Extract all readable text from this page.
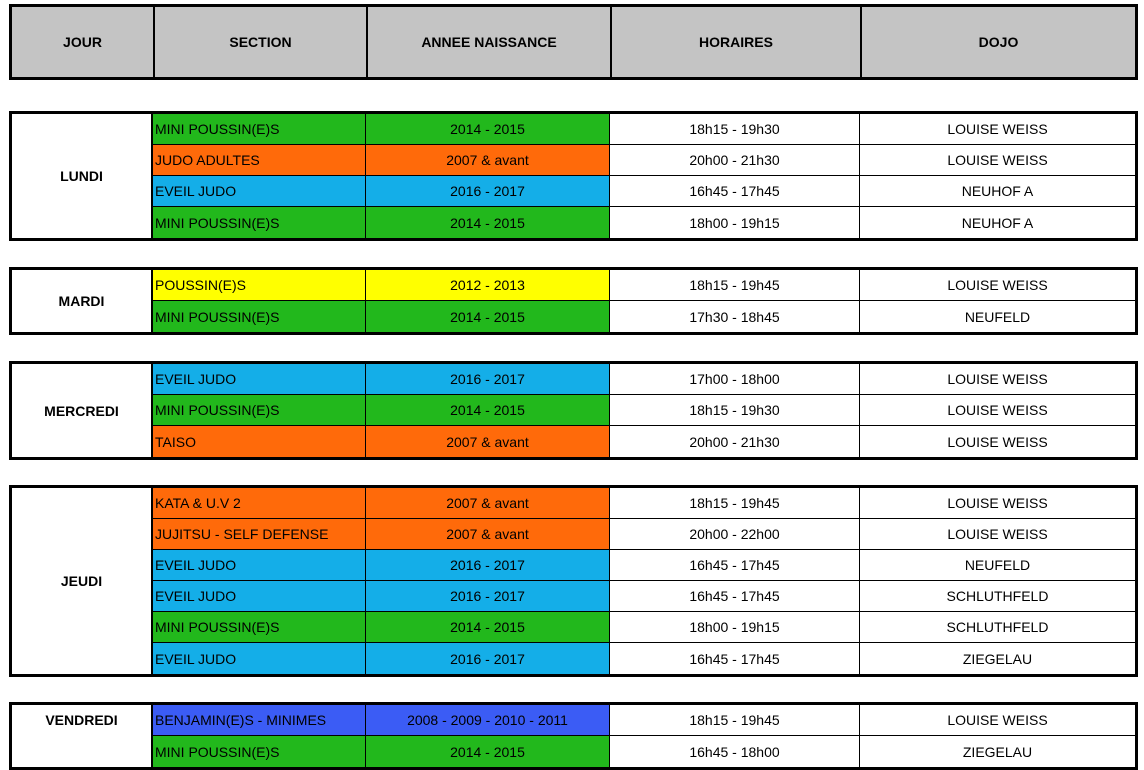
JOUR	SECTION	ANNEE NAISSANCE	HORAIRES	DOJO
LUNDI
MINI POUSSIN(E)S	2014 - 2015	18h15 - 19h30	LOUISE WEISS
JUDO ADULTES	2007 & avant	20h00 - 21h30	LOUISE WEISS
EVEIL JUDO	2016 - 2017	16h45 - 17h45	NEUHOF A
MINI POUSSIN(E)S	2014 - 2015	18h00 - 19h15	NEUHOF A
MARDI
POUSSIN(E)S	2012 - 2013	18h15 - 19h45	LOUISE WEISS
MINI POUSSIN(E)S	2014 - 2015	17h30 - 18h45	NEUFELD
MERCREDI
EVEIL JUDO	2016 - 2017	17h00 - 18h00	LOUISE WEISS
MINI POUSSIN(E)S	2014 - 2015	18h15 - 19h30	LOUISE WEISS
TAISO	2007 & avant	20h00 - 21h30	LOUISE WEISS
JEUDI
KATA & U.V 2	2007 & avant	18h15 - 19h45	LOUISE WEISS
JUJITSU - SELF DEFENSE	2007 & avant	20h00 - 22h00	LOUISE WEISS
EVEIL JUDO	2016 - 2017	16h45 - 17h45	NEUFELD
EVEIL JUDO	2016 - 2017	16h45 - 17h45	SCHLUTHFELD
MINI POUSSIN(E)S	2014 - 2015	18h00 - 19h15	SCHLUTHFELD
EVEIL JUDO	2016 - 2017	16h45 - 17h45	ZIEGELAU
VENDREDI	BENJAMIN(E)S - MINIMES	2008 - 2009 - 2010 - 2011	18h15 - 19h45	LOUISE WEISS
MINI POUSSIN(E)S	2014 - 2015	16h45 - 18h00	ZIEGELAU
